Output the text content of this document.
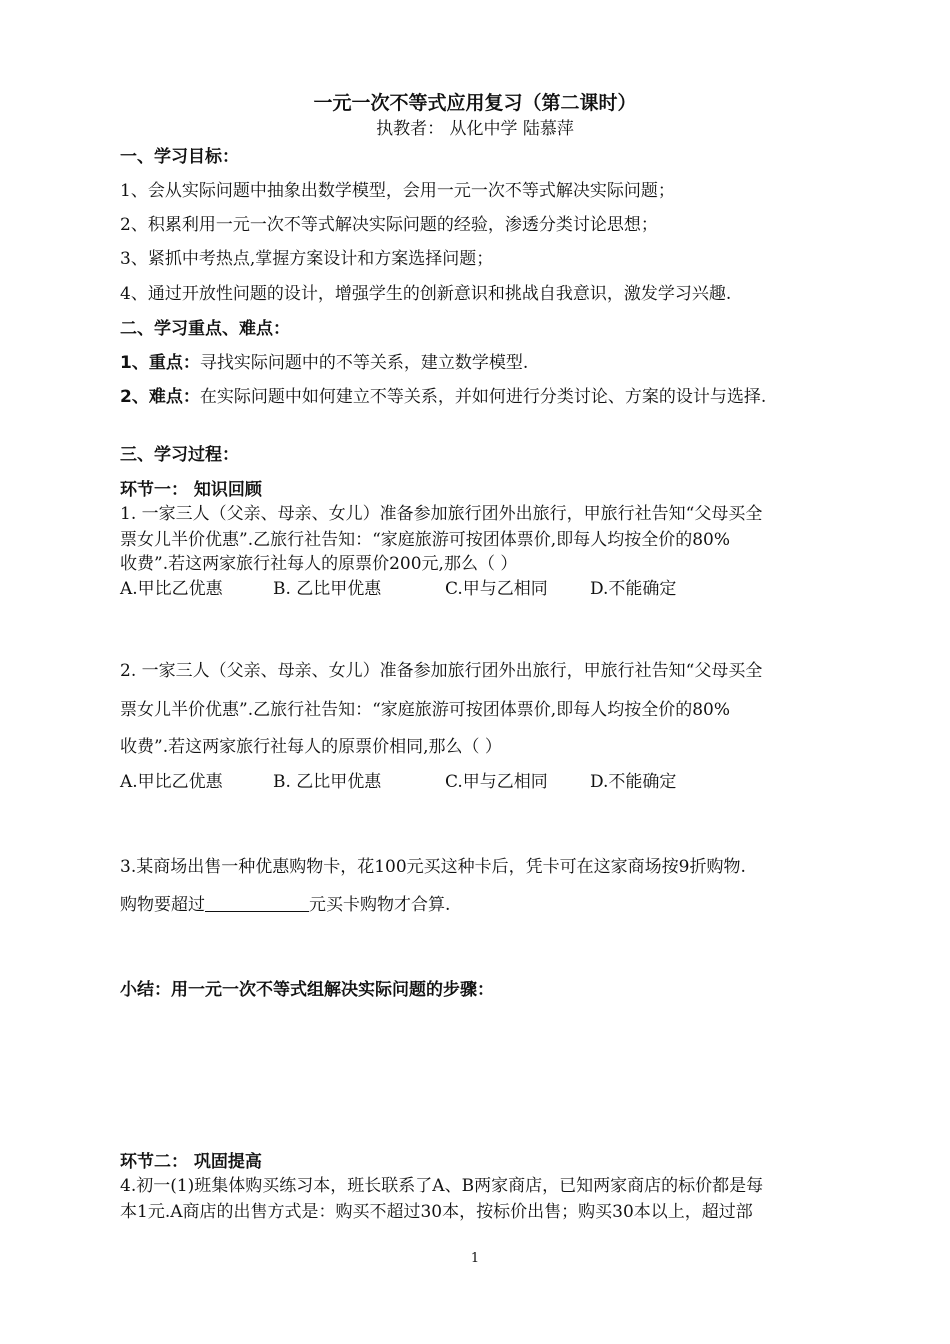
一元一次不等式应用复习（第二课时）
执教者： 从化中学 陆慕萍
一、学习目标：
1、会从实际问题中抽象出数学模型，会用一元一次不等式解决实际问题；
2、积累利用一元一次不等式解决实际问题的经验，渗透分类讨论思想；
3、紧抓中考热点,掌握方案设计和方案选择问题；
4、通过开放性问题的设计，增强学生的创新意识和挑战自我意识，激发学习兴趣.
二、学习重点、难点：
1、重点：寻找实际问题中的不等关系，建立数学模型.
2、难点：在实际问题中如何建立不等关系，并如何进行分类讨论、方案的设计与选择.
三、学习过程：
环节一： 知识回顾
1. 一家三人（父亲、母亲、女儿）准备参加旅行团外出旅行，甲旅行社告知“父母买全
票女儿半价优惠”.乙旅行社告知：“家庭旅游可按团体票价,即每人均按全价的80%
收费”.若这两家旅行社每人的原票价200元,那么（ ）
A.甲比乙优惠	B. 乙比甲优惠	C.甲与乙相同 D.不能确定
2. 一家三人（父亲、母亲、女儿）准备参加旅行团外出旅行，甲旅行社告知“父母买全
票女儿半价优惠”.乙旅行社告知：“家庭旅游可按团体票价,即每人均按全价的80%
收费”.若这两家旅行社每人的原票价相同,那么（ ）
A.甲比乙优惠	B. 乙比甲优惠	C.甲与乙相同 D.不能确定
3.某商场出售一种优惠购物卡，花100元买这种卡后，凭卡可在这家商场按9折购物.
购物要超过	元买卡购物才合算.
小结：用一元一次不等式组解决实际问题的步骤：
环节二： 巩固提高
4.初一(1)班集体购买练习本，班长联系了A、B两家商店，已知两家商店的标价都是每
本1元.A商店的出售方式是：购买不超过30本，按标价出售；购买30本以上，超过部
1
